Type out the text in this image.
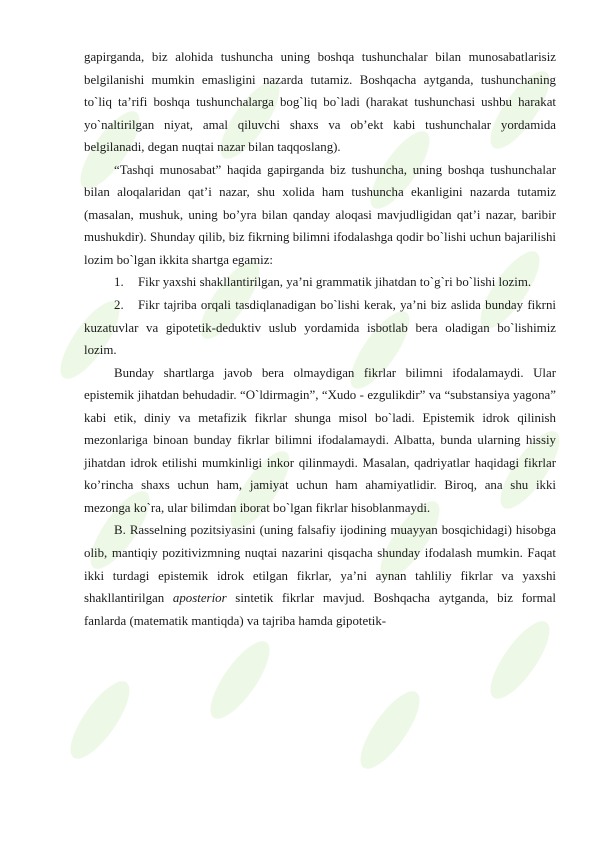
gapirganda, biz alohida tushuncha uning boshqa tushunchalar bilan munosabatlarisiz belgilanishi mumkin emasligini nazarda tutamiz. Boshqacha aytganda, tushunchaning to`liq ta’rifi boshqa tushunchalarga bog`liq bo`ladi (harakat tushunchasi ushbu harakat yo`naltirilgan niyat, amal qiluvchi shaxs va ob’ekt kabi tushunchalar yordamida belgilanadi, degan nuqtai nazar bilan taqqoslang).

“Tashqi munosabat” haqida gapirganda biz tushuncha, uning boshqa tushunchalar bilan aloqalaridan qat’i nazar, shu xolida ham tushuncha ekanligini nazarda tutamiz (masalan, mushuk, uning bo’yra bilan qanday aloqasi mavjudligidan qat’i nazar, baribir mushukdir). Shunday qilib, biz fikrning bilimni ifodalashga qodir bo`lishi uchun bajarilishi lozim bo`lgan ikkita shartga egamiz:

1. Fikr yaxshi shakllantirilgan, ya’ni grammatik jihatdan to`g`ri bo`lishi lozim.

2. Fikr tajriba orqali tasdiqlanadigan bo`lishi kerak, ya’ni biz aslida bunday fikrni kuzatuvlar va gipotetik-deduktiv uslub yordamida isbotlab bera oladigan bo`lishimiz lozim.

Bunday shartlarga javob bera olmaydigan fikrlar bilimni ifodalamaydi. Ular epistemik jihatdan behudadir. “O`ldirmagin”, “Xudo - ezgulikdir” va “substansiya yagona” kabi etik, diniy va metafizik fikrlar shunga misol bo`ladi. Epistemik idrok qilinish mezonlariga binoan bunday fikrlar bilimni ifodalamaydi. Albatta, bunda ularning hissiy jihatdan idrok etilishi mumkinligi inkor qilinmaydi. Masalan, qadriyatlar haqidagi fikrlar ko’rincha shaxs uchun ham, jamiyat uchun ham ahamiyatlidir. Biroq, ana shu ikki mezonga ko`ra, ular bilimdan iborat bo`lgan fikrlar hisoblanmaydi.

B. Rasselning pozitsiyasini (uning falsafiy ijodining muayyan bosqichidagi) hisobga olib, mantiqiy pozitivizmning nuqtai nazarini qisqacha shunday ifodalash mumkin. Faqat ikki turdagi epistemik idrok etilgan fikrlar, ya’ni aynan tahliliy fikrlar va yaxshi shakllantirilgan aposterior sintetik fikrlar mavjud. Boshqacha aytganda, biz formal fanlarda (matematik mantiqda) va tajriba hamda gipotetik-
